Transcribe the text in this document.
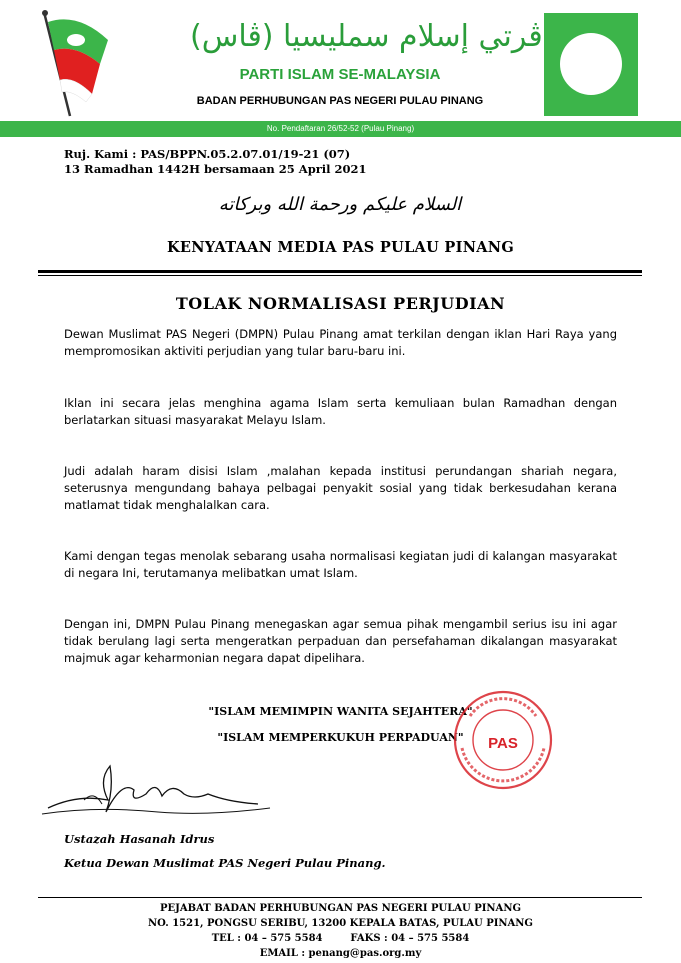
ڤرتي إسلام سمليسيا (ڤاس)
PARTI ISLAM SE-MALAYSIA
BADAN PERHUBUNGAN PAS NEGERI PULAU PINANG
No. Pendaftaran 26/52-52 (Pulau Pinang)
Ruj. Kami : PAS/BPPN.05.2.07.01/19-21 (07)
13 Ramadhan 1442H bersamaan 25 April 2021
السلام عليكم ورحمة الله وبركاته
KENYATAAN MEDIA PAS PULAU PINANG
TOLAK NORMALISASI PERJUDIAN
Dewan Muslimat PAS Negeri (DMPN) Pulau Pinang amat terkilan dengan iklan Hari Raya yang mempromosikan aktiviti perjudian yang tular baru-baru ini.
Iklan ini secara jelas menghina agama Islam serta kemuliaan bulan Ramadhan dengan berlatarkan situasi masyarakat Melayu Islam.
Judi adalah haram disisi Islam ,malahan kepada institusi perundangan shariah negara, seterusnya mengundang bahaya pelbagai penyakit sosial yang tidak berkesudahan kerana matlamat tidak menghalalkan cara.
Kami dengan tegas menolak sebarang usaha normalisasi kegiatan judi di kalangan masyarakat di negara Ini, terutamanya melibatkan umat Islam.
Dengan ini, DMPN Pulau Pinang menegaskan agar semua pihak mengambil serius isu ini agar tidak berulang lagi serta mengeratkan perpaduan dan persefahaman dikalangan masyarakat majmuk agar keharmonian negara dapat dipelihara.
"ISLAM MEMIMPIN WANITA SEJAHTERA"
"ISLAM MEMPERKUKUH PERPADUAN"	PAS
Ustazah Hasanah Idrus
Ketua Dewan Muslimat PAS Negeri Pulau Pinang.
PEJABAT BADAN PERHUBUNGAN PAS NEGERI PULAU PINANG
NO. 1521, PONGSU SERIBU, 13200 KEPALA BATAS, PULAU PINANG
TEL : 04 – 575 5584        FAKS : 04 – 575 5584
EMAIL : penang@pas.org.my
